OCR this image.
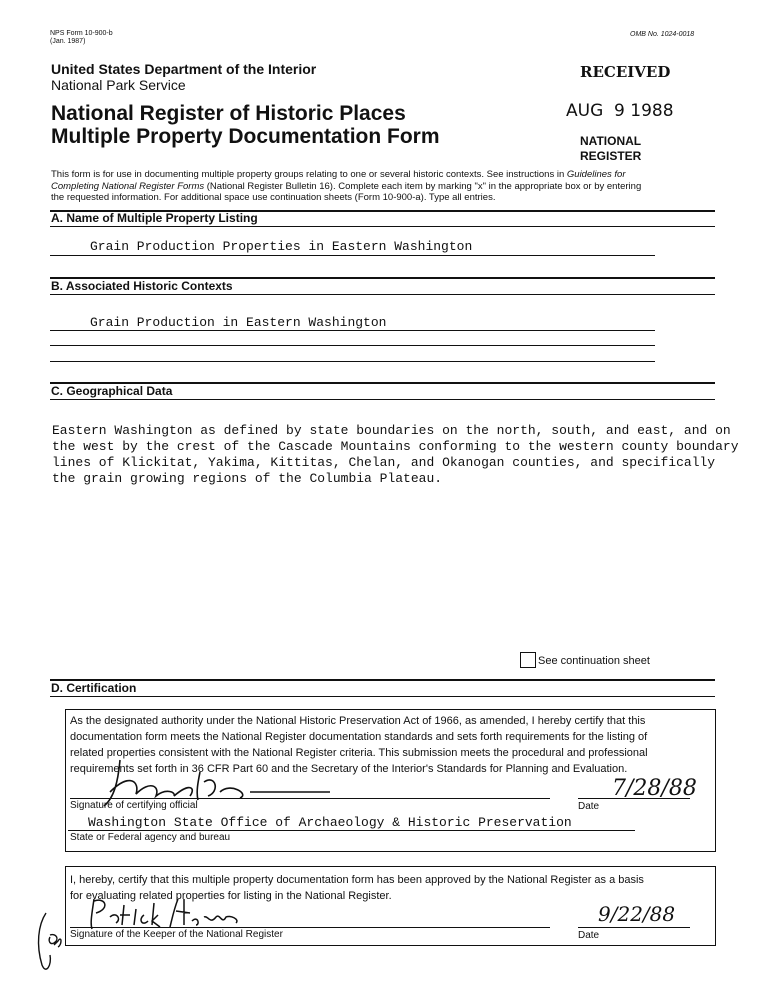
NPS Form 10-900-b
(Jan. 1987)
OMB No. 1024-0018
United States Department of the Interior
National Park Service
National Register of Historic Places
Multiple Property Documentation Form
RECEIVED
AUG  9 1988
NATIONAL
REGISTER
This form is for use in documenting multiple property groups relating to one or several historic contexts. See instructions in Guidelines for
Completing National Register Forms (National Register Bulletin 16). Complete each item by marking "x" in the appropriate box or by entering
the requested information. For additional space use continuation sheets (Form 10-900-a). Type all entries.
A. Name of Multiple Property Listing
Grain Production Properties in Eastern Washington
B. Associated Historic Contexts
Grain Production in Eastern Washington
C. Geographical Data

Eastern Washington as defined by state boundaries on the north, south, and east, and on
the west by the crest of the Cascade Mountains conforming to the western county boundary
lines of Klickitat, Yakima, Kittitas, Chelan, and Okanogan counties, and specifically
the grain growing regions of the Columbia Plateau.
See continuation sheet
D. Certification
As the designated authority under the National Historic Preservation Act of 1966, as amended, I hereby certify that this
documentation form meets the National Register documentation standards and sets forth requirements for the listing of
related properties consistent with the National Register criteria. This submission meets the procedural and professional
requirements set forth in 36 CFR Part 60 and the Secretary of the Interior's Standards for Planning and Evaluation.
Signature of certifying official	Date
7/28/88
Washington State Office of Archaeology & Historic Preservation
State or Federal agency and bureau
I, hereby, certify that this multiple property documentation form has been approved by the National Register as a basis
for evaluating related properties for listing in the National Register.
Signature of the Keeper of the National Register	Date
9/22/88
